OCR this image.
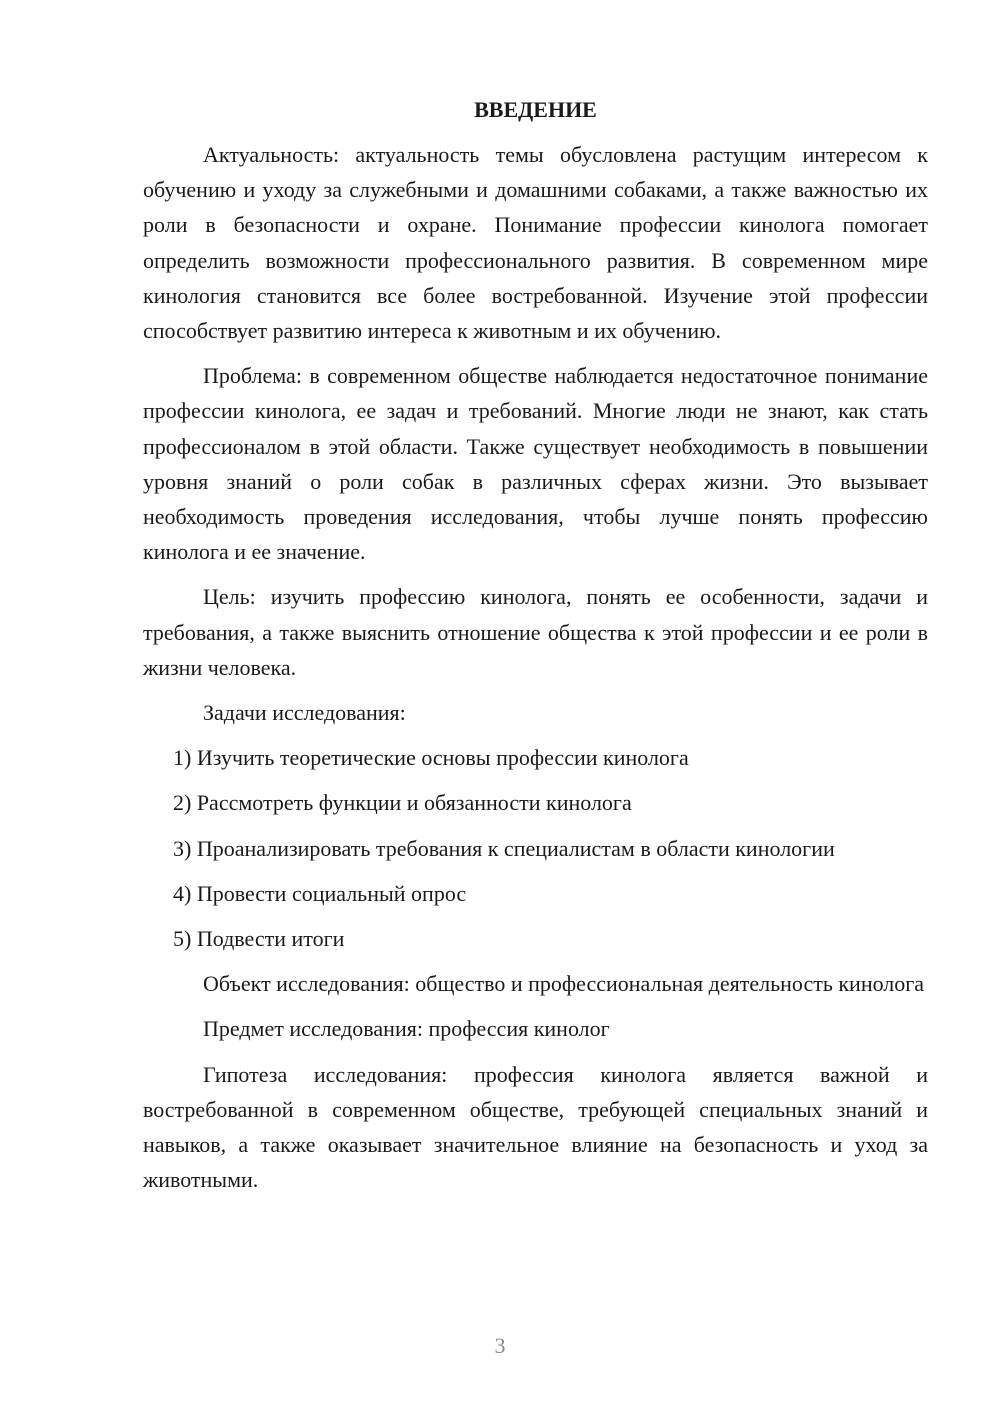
ВВЕДЕНИЕ

Актуальность: актуальность темы обусловлена растущим интересом к обучению и уходу за служебными и домашними собаками, а также важностью их роли в безопасности и охране. Понимание профессии кинолога помогает определить возможности профессионального развития. В современном мире кинология становится все более востребованной. Изучение этой профессии способствует развитию интереса к животным и их обучению.

Проблема: в современном обществе наблюдается недостаточное понимание профессии кинолога, ее задач и требований. Многие люди не знают, как стать профессионалом в этой области. Также существует необходимость в повышении уровня знаний о роли собак в различных сферах жизни. Это вызывает необходимость проведения исследования, чтобы лучше понять профессию кинолога и ее значение.

Цель: изучить профессию кинолога, понять ее особенности, задачи и требования, а также выяснить отношение общества к этой профессии и ее роли в жизни человека.

Задачи исследования:

1) Изучить теоретические основы профессии кинолога

2) Рассмотреть функции и обязанности кинолога

3) Проанализировать требования к специалистам в области кинологии

4) Провести социальный опрос

5) Подвести итоги

Объект исследования: общество и профессиональная деятельность кинолога

Предмет исследования: профессия кинолог

Гипотеза исследования: профессия кинолога является важной и востребованной в современном обществе, требующей специальных знаний и навыков, а также оказывает значительное влияние на безопасность и уход за животными.

3
